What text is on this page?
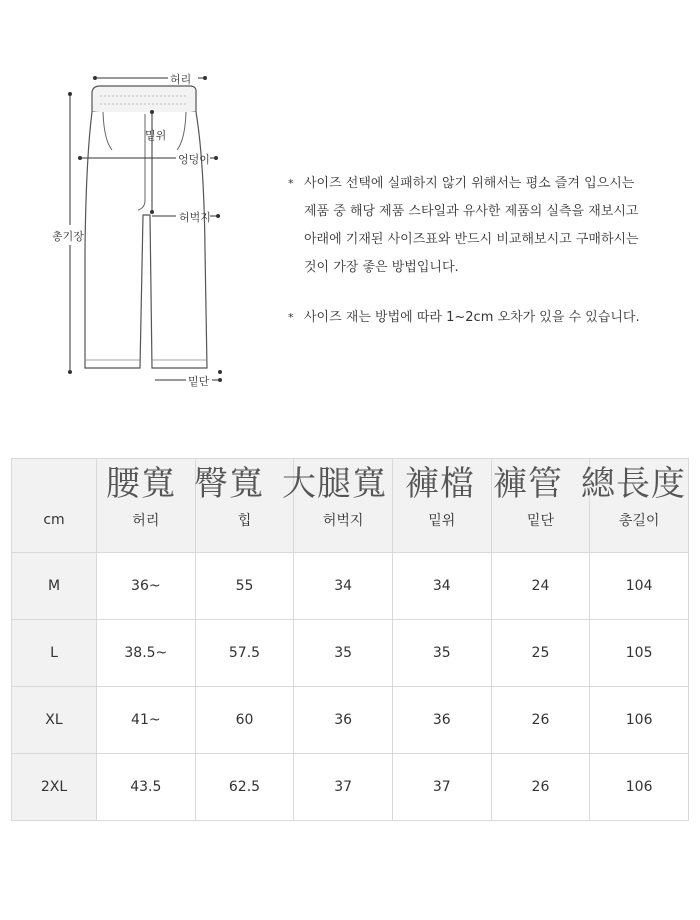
허리
밑위
엉덩이
허벅지
총기장
밑단
* 사이즈 선택에 실패하지 않기 위해서는 평소 즐겨 입으시는
제품 중 해당 제품 스타일과 유사한 제품의 실측을 재보시고
아래에 기재된 사이즈표와 반드시 비교해보시고 구매하시는
것이 가장 좋은 방법입니다.
* 사이즈 재는 방법에 따라 1~2cm 오차가 있을 수 있습니다.
cm	허리	힙	허벅지	밑위	밑단	총길이
M	36~	55	34	34	24	104
L	38.5~	57.5	35	35	25	105
XL	41~	60	36	36	26	106
2XL	43.5	62.5	37	37	26	106
腰寬 臀寬 大腿寬 褲檔 褲管 總長度
